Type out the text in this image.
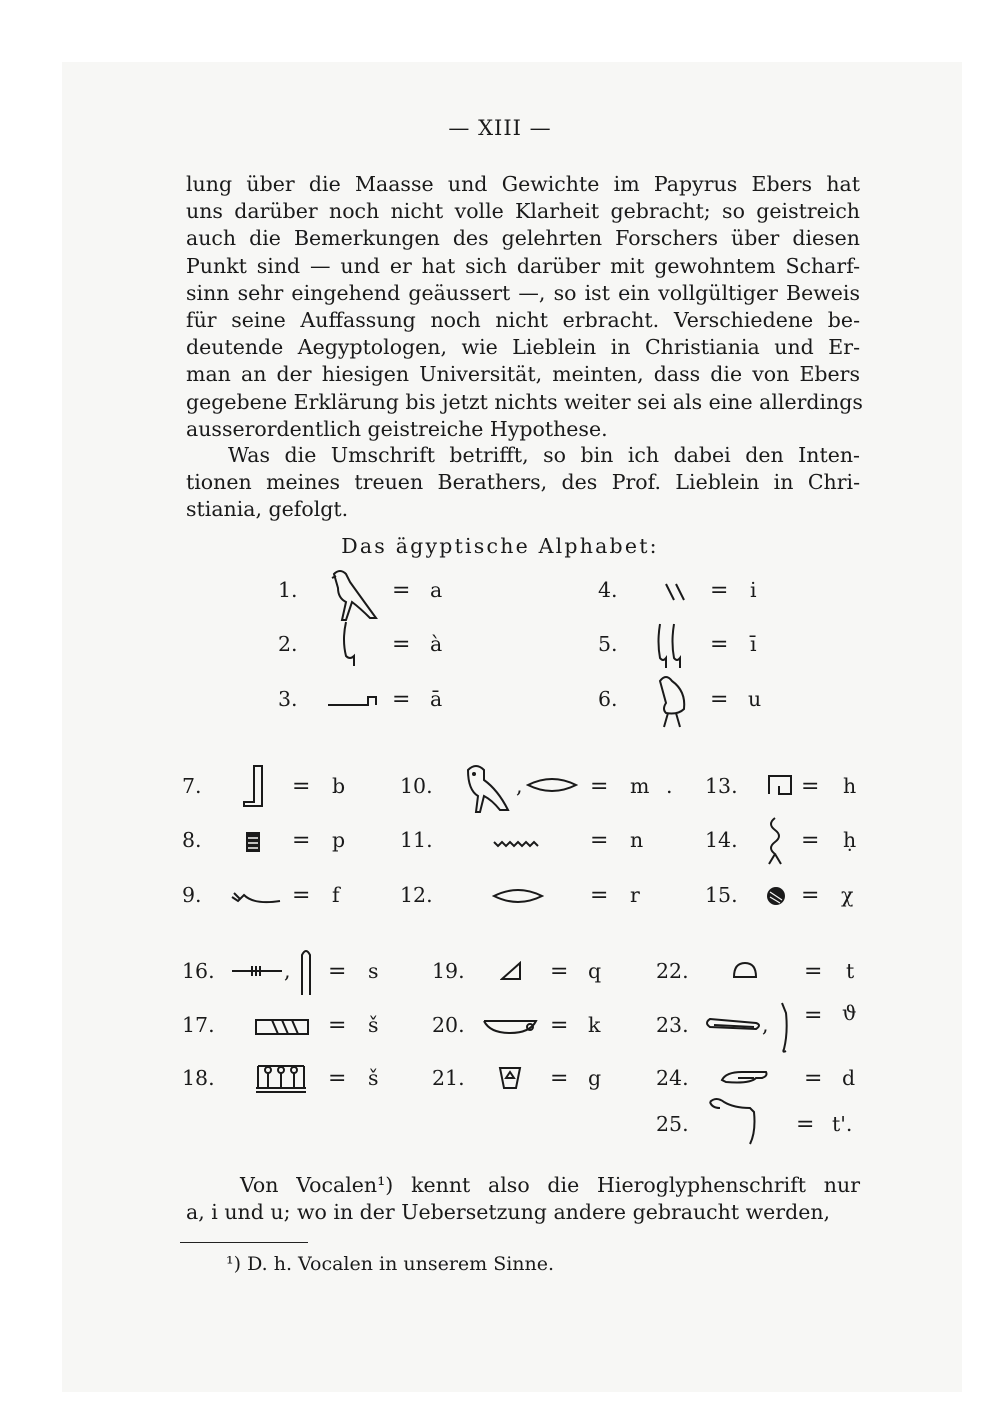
— XIII —
lung über die Maasse und Gewichte im Papyrus Ebers hat
uns darüber noch nicht volle Klarheit gebracht; so geistreich
auch die Bemerkungen des gelehrten Forschers über diesen
Punkt sind — und er hat sich darüber mit gewohntem Scharf-
sinn sehr eingehend geäussert —, so ist ein vollgültiger Beweis
für seine Auffassung noch nicht erbracht. Verschiedene be-
deutende Aegyptologen, wie Lieblein in Christiania und Er-
man an der hiesigen Universität, meinten, dass die von Ebers
gegebene Erklärung bis jetzt nichts weiter sei als eine allerdings
ausserordentlich geistreiche Hypothese.
Was die Umschrift betrifft, so bin ich dabei den Inten-
tionen meines treuen Berathers, des Prof. Lieblein in Chri-
stiania, gefolgt.
Das ägyptische Alphabet:
1.	= a
2.	= à
3.	= ā
4.	= i
5.	= ī
6.	= u
7.	= b
8.	= p
9.	= f
10.	,	= m .
11.	= n
12.	= r
13.	= h
14.	= ḥ
15.	= χ
16.	, = s
17.	= š
18.	= š
19.	= q
20.	= k
21.	= g
22.	= t
23.	, = ϑ
24.	= d
25.	= t'.
Von Vocalen¹) kennt also die Hieroglyphenschrift nur
a, i und u; wo in der Uebersetzung andere gebraucht werden,
¹) D. h. Vocalen in unserem Sinne.
